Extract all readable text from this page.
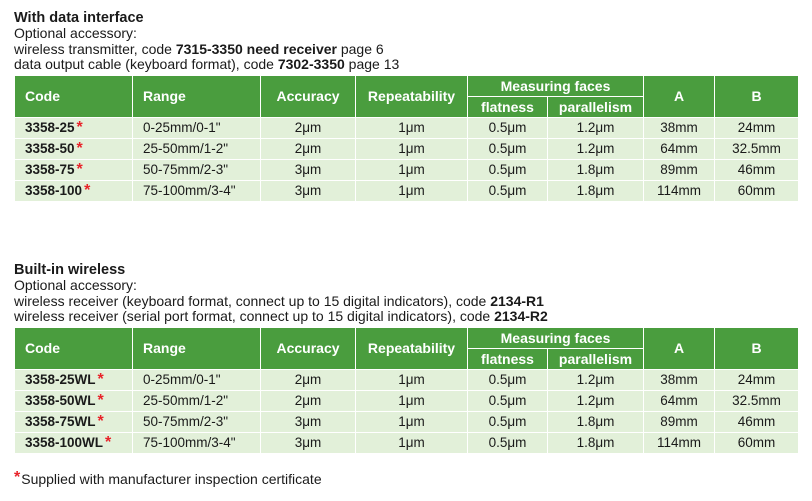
With data interface

Optional accessory:

wireless transmitter, code 7315-3350 need receiver page 6

data output cable (keyboard format), code 7302-3350 page 13

Code	Range	Accuracy	Repeatability	Measuring faces		A	B
				flatness	parallelism		
3358-25 *	0-25mm/0-1"	2μm	1μm	0.5μm	1.2μm	38mm	24mm
3358-50 *	25-50mm/1-2"	2μm	1μm	0.5μm	1.2μm	64mm	32.5mm
3358-75 *	50-75mm/2-3"	3μm	1μm	0.5μm	1.8μm	89mm	46mm
3358-100 *	75-100mm/3-4"	3μm	1μm	0.5μm	1.8μm	114mm	60mm

Built-in wireless

Optional accessory:

wireless receiver (keyboard format, connect up to 15 digital indicators), code 2134-R1

wireless receiver (serial port format, connect up to 15 digital indicators), code 2134-R2

Code	Range	Accuracy	Repeatability	Measuring faces		A	B
				flatness	parallelism		
3358-25WL *	0-25mm/0-1"	2μm	1μm	0.5μm	1.2μm	38mm	24mm
3358-50WL *	25-50mm/1-2"	2μm	1μm	0.5μm	1.2μm	64mm	32.5mm
3358-75WL *	50-75mm/2-3"	3μm	1μm	0.5μm	1.8μm	89mm	46mm
3358-100WL *	75-100mm/3-4"	3μm	1μm	0.5μm	1.8μm	114mm	60mm
*Supplied with manufacturer inspection certificate
